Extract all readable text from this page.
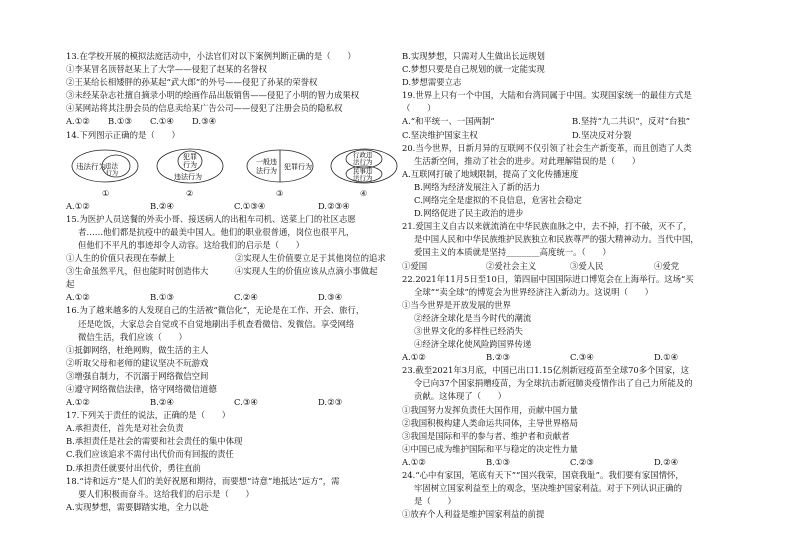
13.在学校开展的模拟法庭活动中，小法官们对以下案例判断正确的是（　　）
①李某冒名顶替赵某上了大学——侵犯了赵某的名誉权
②王某给长相矮胖的孙某起“武大郎”的外号——侵犯了孙某的荣誉权
③未经某杂志社擅自摘录小明的绘画作品出版销售——侵犯了小明的智力成果权
④某网站将其注册会员的信息卖给某广告公司——侵犯了注册会员的隐私权
A.①②	B.①③	C.①④	D.③④
14.下列图示正确的是（　　）
违法行为 违法
行为
犯罪
行为
违法行为
一般违
法行为 犯罪行为
行政违
法行为
民事违
法行为
①	②	③	④
A.①②	B.②④	C.①③④	D.②③④
15.为医护人员送餐的外卖小哥、接送病人的出租车司机、送菜上门的社区志愿
者……他们都是抗疫中的最美中国人。他们的职业很普通，岗位也很平凡，
但他们不平凡的事迹却令人动容。这给我们的启示是（　　）
①人生的价值只表现在奉献上	②实现人生价值要立足于其他岗位的追求
③生命虽然平凡，但也能时时创造伟大	④实现人生的价值应该从点滴小事做起
起
A.①②	B.①③	C.②④	D.③④
16.为了越来越多的人发现自己的生活被“微信化”，无论是在工作、开会、旅行，
还是吃饭，大家总会自觉或不自觉地刷出手机查看微信、发微信。享受网络
微信生活，我们应该（　　）
①抵御网络，杜绝网购，做生活的主人
②听取父母和老师的建议坚决不玩游戏
③增强自制力，不沉溺于网络微信空间
④遵守网络微信法律，恪守网络微信道德
A.①②	B.②④	C.③④	D.②③
17.下列关于责任的说法，正确的是（　　）
A.承担责任，首先是对社会负责
B.承担责任是社会的需要和社会责任的集中体现
C.我们应该追求不需付出代价而有回报的责任
D.承担责任就要付出代价，勇往直前
18.“诗和远方”是人们的美好祝愿和期待，而要想“诗意”地抵达“远方”，需
要人们积极而奋斗。这给我们的启示是（　　）
A.实现梦想，需要脚踏实地，全力以赴
B.实现梦想，只需对人生做出长远规划
C.梦想只要是自己规划的就一定能实现
D.梦想需要立志
19.世界上只有一个中国，大陆和台湾同属于中国。实现国家统一的最佳方式是
（　　）
A.“和平统一、一国两制”	B.坚持“九二共识”，反对“台独”
C.坚决维护国家主权	D.坚决反对分裂
20.当今世界，日新月异的互联网不仅引领了社会生产新变革，而且创造了人类
生活新空间，推动了社会的进步。对此理解错误的是（　　）
A.互联网打破了地域限制，提高了文化传播速度
B.网络为经济发展注入了新的活力
C.网络完全是虚拟的不良信息，危害社会稳定
D.网络促进了民主政治的进步
21.爱国主义自古以来就流淌在中华民族血脉之中，去不掉，打不破，灭不了，
是中国人民和中华民族维护民族独立和民族尊严的强大精神动力。当代中国，
爱国主义的本质就是坚持________高度统一。（　　）
①爱国	②爱社会主义	③爱人民	④爱党
22.2021年11月5日至10日，第四届中国国际进口博览会在上海举行。这场“买
全球”“卖全球”的博览会为世界经济注入新动力。这说明（　　）
①当今世界是开放发展的世界
②经济全球化是当今时代的潮流
③世界文化的多样性已经消失
④经济全球化使风险跨国界传递
A.①②	B.②③	C.③④	D.①④
23.截至2021年3月底，中国已出口1.15亿剂新冠疫苗至全球70多个国家，这
令已向37个国家捐赠疫苗，为全球抗击新冠肺炎疫情作出了自己力所能及的
贡献。这体现了（　　）
①我国努力发挥负责任大国作用，贡献中国力量
②我国积极构建人类命运共同体，主导世界格局
③我国是国际和平的参与者、维护者和贡献者
④中国已成为维护国际和平与稳定的决定性力量
A.①②	B.①③	C.②③	D.②④
24.“心中有家国，笔底有天下”“国兴我荣，国衰我耻”。我们要有家国情怀，
牢固树立国家利益至上的观念，坚决维护国家利益。对于下列认识正确的
是（　　）
①放弃个人利益是维护国家利益的前提
